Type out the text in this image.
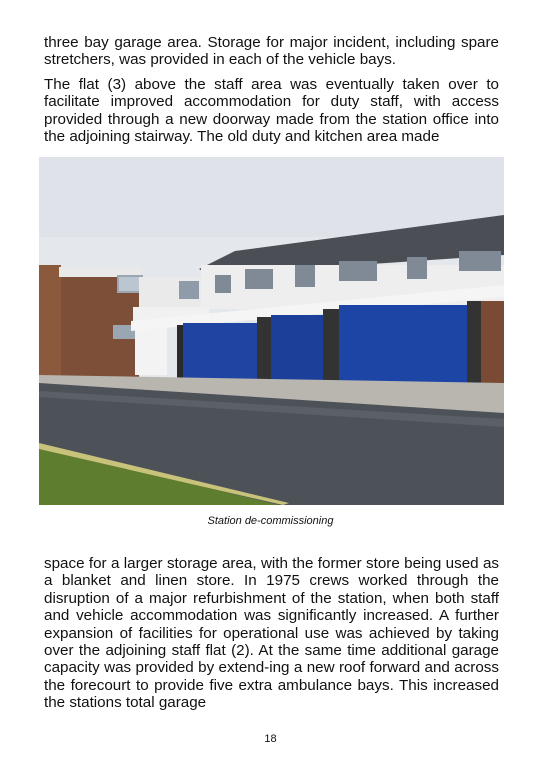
three bay garage area. Storage for major incident, including spare stretchers, was provided in each of the vehicle bays.

The flat (3) above the staff area was eventually taken over to facilitate improved accommodation for duty staff, with access provided through a new doorway made from the station office into the adjoining stairway. The old duty and kitchen area made

Station de-commissioning

space for a larger storage area, with the former store being used as a blanket and linen store. In 1975 crews worked through the disruption of a major refurbishment of the station, when both staff and vehicle accommodation was significantly increased. A further expansion of facilities for operational use was achieved by taking over the adjoining staff flat (2). At the same time additional garage capacity was provided by extend-ing a new roof forward and across the forecourt to provide five extra ambulance bays. This increased the stations total garage

18
